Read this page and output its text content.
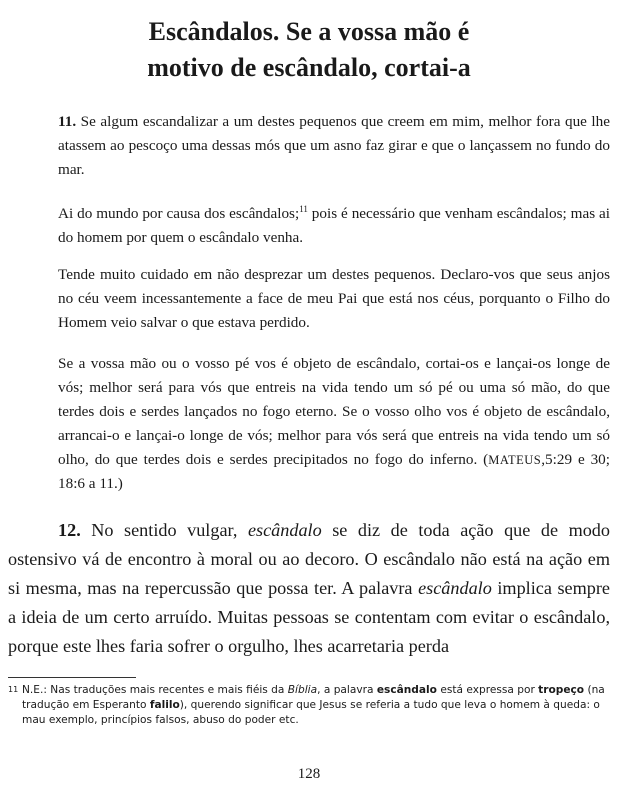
Escândalos. Se a vossa mão é
motivo de escândalo, cortai-a
11. Se algum escandalizar a um destes pequenos que creem em mim, melhor fora que lhe atassem ao pescoço uma dessas mós que um asno faz girar e que o lançassem no fundo do mar.
Ai do mundo por causa dos escândalos;$^{11}$ pois é necessário que venham escândalos; mas ai do homem por quem o escândalo venha.
Tende muito cuidado em não desprezar um destes pequenos. Declaro-vos que seus anjos no céu veem incessantemente a face de meu Pai que está nos céus, porquanto o Filho do Homem veio salvar o que estava perdido.
Se a vossa mão ou o vosso pé vos é objeto de escândalo, cortai-os e lançai-os longe de vós; melhor será para vós que entreis na vida tendo um só pé ou uma só mão, do que terdes dois e serdes lançados no fogo eterno. Se o vosso olho vos é objeto de escândalo, arrancai-o e lançai-o longe de vós; melhor para vós será que entreis na vida tendo um só olho, do que terdes dois e serdes precipitados no fogo do inferno. (MATEUS,5:29 e 30; 18:6 a 11.)
12. No sentido vulgar, escândalo se diz de toda ação que de modo ostensivo vá de encontro à moral ou ao decoro. O escândalo não está na ação em si mesma, mas na repercussão que possa ter. A palavra escândalo implica sempre a ideia de um certo arruído. Muitas pessoas se contentam com evitar o escândalo, porque este lhes faria sofrer o orgulho, lhes acarretaria perda
11 N.E.: Nas traduções mais recentes e mais fiéis da Bíblia, a palavra escândalo está expressa por tropeço (na tradução em Esperanto falilo), querendo significar que Jesus se referia a tudo que leva o homem à queda: o mau exemplo, princípios falsos, abuso do poder etc.
128
